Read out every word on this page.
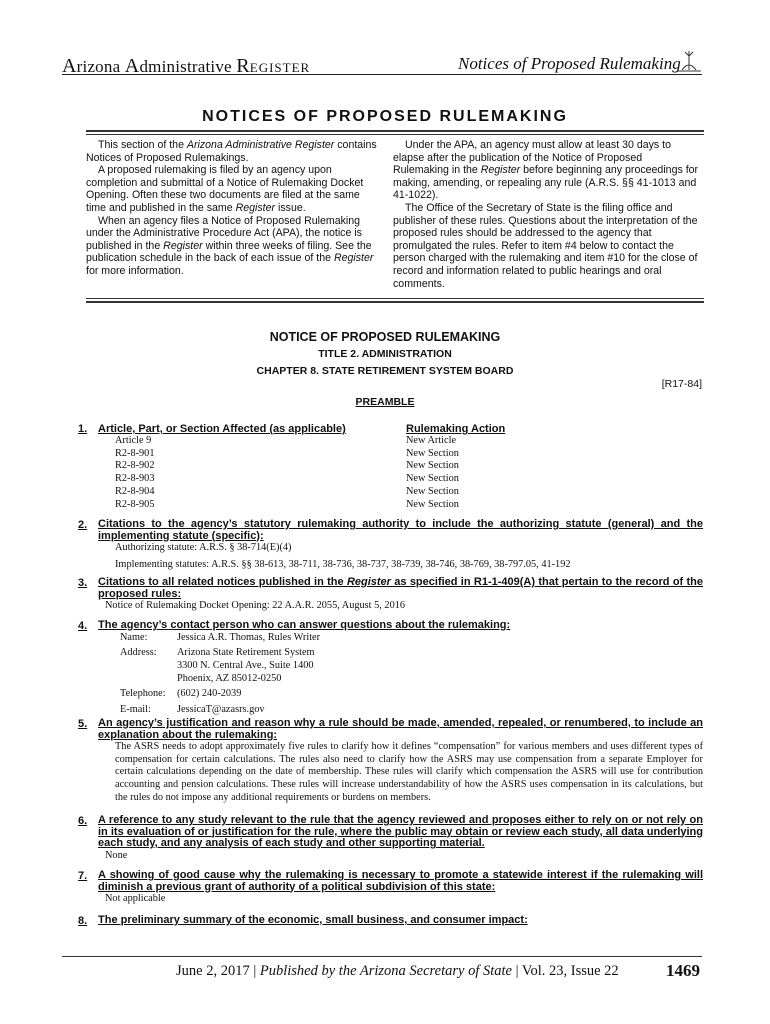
Arizona Administrative REGISTER	Notices of Proposed Rulemaking
NOTICES OF PROPOSED RULEMAKING

This section of the Arizona Administrative Register contains Notices of Proposed Rulemakings.

A proposed rulemaking is filed by an agency upon completion and submittal of a Notice of Rulemaking Docket Opening. Often these two documents are filed at the same time and published in the same Register issue.

When an agency files a Notice of Proposed Rulemaking under the Administrative Procedure Act (APA), the notice is published in the Register within three weeks of filing. See the publication schedule in the back of each issue of the Register for more information.

Under the APA, an agency must allow at least 30 days to elapse after the publication of the Notice of Proposed Rulemaking in the Register before beginning any proceedings for making, amending, or repealing any rule (A.R.S. §§ 41-1013 and 41-1022).

The Office of the Secretary of State is the filing office and publisher of these rules. Questions about the interpretation of the proposed rules should be addressed to the agency that promulgated the rules. Refer to item #4 below to contact the person charged with the rulemaking and item #10 for the close of record and information related to public hearings and oral comments.

NOTICE OF PROPOSED RULEMAKING
TITLE 2. ADMINISTRATION
CHAPTER 8. STATE RETIREMENT SYSTEM BOARD
[R17-84]
PREAMBLE
1. Article, Part, or Section Affected (as applicable)	Rulemaking Action
Article 9	New Article
R2-8-901	New Section
R2-8-902	New Section
R2-8-903	New Section
R2-8-904	New Section
R2-8-905	New Section
2. Citations to the agency’s statutory rulemaking authority to include the authorizing statute (general) and the implementing statute (specific):
Authorizing statute: A.R.S. § 38-714(E)(4)
Implementing statutes: A.R.S. §§ 38-613, 38-711, 38-736, 38-737, 38-739, 38-746, 38-769, 38-797.05, 41-192
3. Citations to all related notices published in the Register as specified in R1-1-409(A) that pertain to the record of the proposed rules:
Notice of Rulemaking Docket Opening: 22 A.A.R. 2055, August 5, 2016
4. The agency’s contact person who can answer questions about the rulemaking:
Name:	Jessica A.R. Thomas, Rules Writer
Address:	Arizona State Retirement System
3300 N. Central Ave., Suite 1400
Phoenix, AZ 85012-0250
Telephone:	(602) 240-2039
E-mail:	JessicaT@azasrs.gov
5. An agency’s justification and reason why a rule should be made, amended, repealed, or renumbered, to include an explanation about the rulemaking:
The ASRS needs to adopt approximately five rules to clarify how it defines “compensation” for various members and uses different types of compensation for certain calculations. The rules also need to clarify how the ASRS may use compensation from a separate Employer for certain calculations depending on the date of membership. These rules will clarify which compensation the ASRS will use for contribution accounting and pension calculations. These rules will increase understandability of how the ASRS uses compensation in its calculations, but the rules do not impose any additional requirements or burdens on members.
6. A reference to any study relevant to the rule that the agency reviewed and proposes either to rely on or not rely on in its evaluation of or justification for the rule, where the public may obtain or review each study, all data underlying each study, and any analysis of each study and other supporting material.
None
7. A showing of good cause why the rulemaking is necessary to promote a statewide interest if the rulemaking will diminish a previous grant of authority of a political subdivision of this state:
Not applicable
8. The preliminary summary of the economic, small business, and consumer impact:
June 2, 2017 | Published by the Arizona Secretary of State | Vol. 23, Issue 22	1469
